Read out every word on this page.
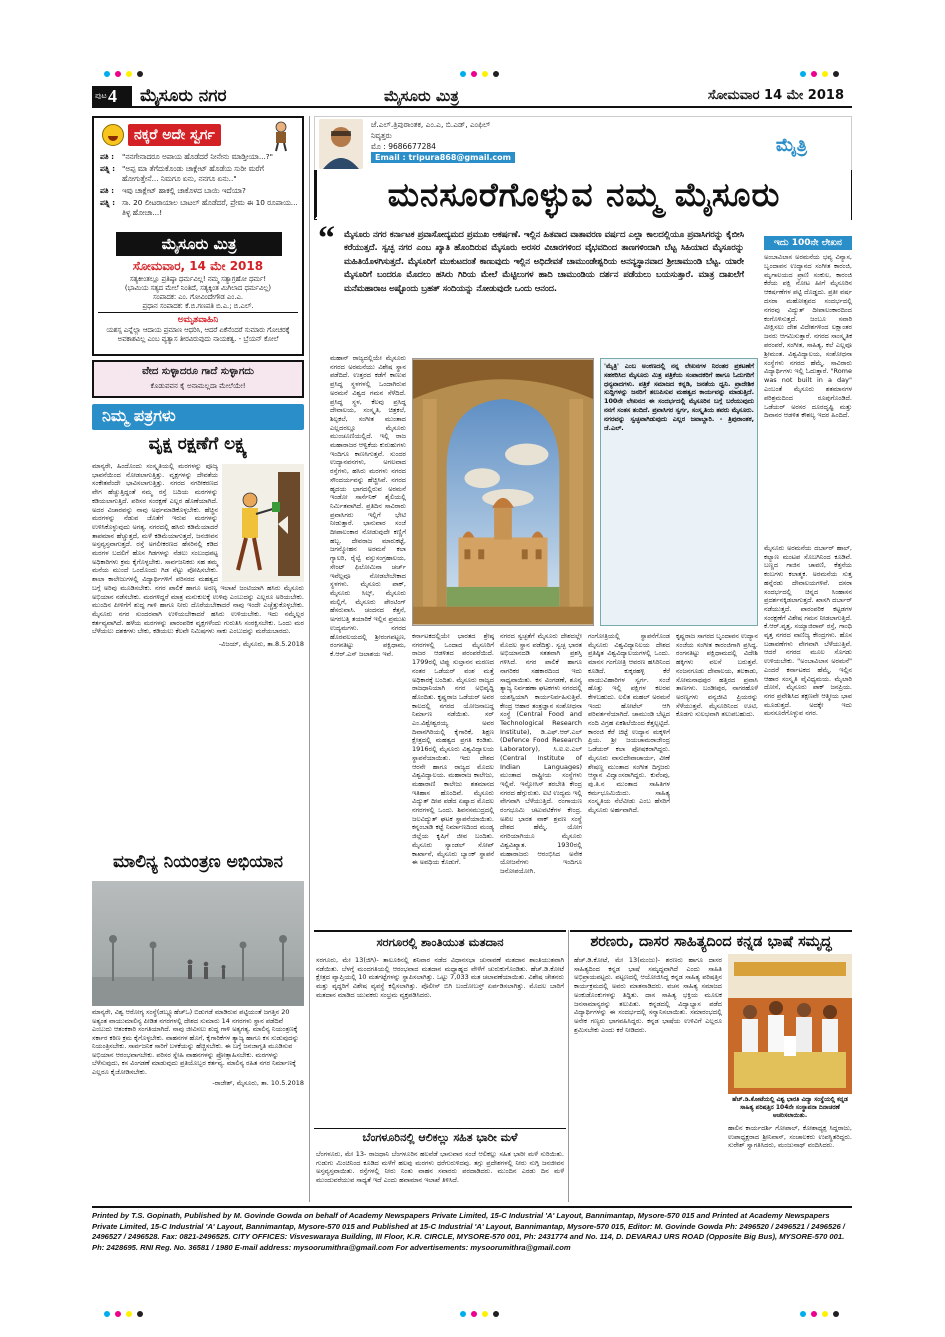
ಪುಟ 4 ಮೈಸೂರು ನಗರ	ಮೈಸೂರು ಮಿತ್ರ	ಸೋಮವಾರ 14 ಮೇ 2018
ನಕ್ಕರೆ ಅದೇ ಸ್ವರ್ಗ
ಪತಿ :	"ನನಗೇನಾದರೂ ಅಪಾಯ ಹೊಡೆದರೆ ನೀನೇನು ಮಾಡ್ತೀಯಾ...?"
ಪತ್ನಿ : "ಅಪ್ಪ ಮಾ ತೆಗೆದುಕೊಂಡು ಚಾಕ್ಲೇಟ್ ಹೊಡೆಯ ಸುರೀ ಮರೆಗೆ ಹೋಗುತ್ತೇನೆ... ನಿಮಗೂ ಏನು, ನನಗೂ ಏನು.."
ಪತಿ :	ಇವು ಚಾಕ್ಲೇಟ್ ಹಾಕಲ್ಲಿ ಚಾಕೊಳದ ಬಾಯಿ ಇದೆಯಾ?
ಪತ್ನಿ : ಸಾ. 20 ಲೀಟರಾಯಾಲ ಬಾಟಲ್ ಹೊಡೆದರೆ, ಪ್ರೇಮ ಈ 10 ರೂಪಾಯ... ತಿಳ್ಳ ಹೋಚಾ...!
ಮೈಸೂರು ಮಿತ್ರ
ಸೋಮವಾರ, 14 ಮೇ 2018
ಸತ್ಯಕೀಂತಲ್ಲೂ ಪ್ರತಿಷ್ಠಾ ಧರ್ಮವಿಲ್ಲ! ನಮ್ಮ ಸತ್ಯಾಗ್ರಹೋ ಧರ್ಮ!
(ಭಾಮಿಯ ಸತ್ಯದ ಮೇಲೆ ನಿಂತಿದೆ, ಸತ್ಯಕ್ಕಿಂತ ಮಿಗಿಲಾದ ಧರ್ಮವಿಲ್ಲ)
ಸಂಪಾದಕ: ಎಂ. ಗೋವಿಂದೇಗೌಡ ಎಂ.ಎ.
ಪ್ರಧಾನ ಸಂಪಾದಕ: ಕೆ.ಬಿ.ಗಣಪತಿ ಬಿ.ಎ.; ಬಿ.ಎಲ್.
ಅಮೃತವಾಹಿನಿ
ಯಶಸ್ಸ ಎನ್ನೆಲ್ಲಾ ಆದಾಯ ಪ್ರಮಾಣ ಆಧರಿಸಿ, ಆದರೆ ಏಕೆನೆಂದರೆ ಸುಮಾರು ಗೋಚರಕ್ಕೆ ಅವಕಾಶವಿಲ್ಲ ಎಂಬ ವ್ಯತ್ಯಾಸ ತೀರವಿರುವುದು ನಾಯಕತ್ವ. - ಬ್ರೆಯನ್ ಕೋಲೆ
ವೇದ ಸುಳ್ಳಾದರೂ ಗಾದೆ ಸುಳ್ಳಾಗದು
ಕೊಡುವವನ ಕೈ ಅನಾಮಲ್ಲದಾ ಮೇಲೆಯೇ!
ನಿಮ್ಮ ಪತ್ರಗಳು
ವೃಕ್ಷ ರಕ್ಷಣೆಗೆ ಲಕ್ಷ್ಯ
ಮಾನ್ಯರೇ, ಹಿಂದೊಂದು ಸಂಸ್ಕೃತಿಯಲ್ಲಿ ಮರಗಳನ್ನು ಪೂಜ್ಯ ಭಾವನೆಯಿಂದ ನೋಡಲಾಗುತ್ತಿತ್ತು. ವೃಕ್ಷಗಳನ್ನು ದೇವತೆಯ ಸಂಕೇತವೆಂದೇ ಭಾವಿಸಲಾಗುತ್ತಿತ್ತು. ನಗರದ ನಗರೀಕರಣದ ವೇಗ ಹೆಚ್ಚುತ್ತಿದ್ದಂತೆ ನಮ್ಮ ರಸ್ತೆ ಬದಿಯ ಮರಗಳನ್ನು ಕಡಿಯಲಾಗುತ್ತಿದೆ. ಪರಿಸರ ಸಂರಕ್ಷಣೆ ಎಲ್ಲರ ಹೊಣೆಯಾಗಿದೆ. ಅದರ ವಿಚಾರವನ್ನು ನಾವು ಅರ್ಥಮಾಡಿಕೊಳ್ಳಬೇಕು. ಹೆಚ್ಚಿನ ಮರಗಳನ್ನು ನೆಡುವ ಜೊತೆಗೆ ಇರುವ ಮರಗಳನ್ನು ಉಳಿಸಿಕೊಳ್ಳುವುದು ಅಗತ್ಯ. ನಗರದಲ್ಲಿ ಹಸಿರು ಕಡಿಮೆಯಾದರೆ ತಾಪಮಾನ ಹೆಚ್ಚುತ್ತದೆ, ಮಳೆ ಕಡಿಮೆಯಾಗುತ್ತದೆ, ಜನಜೀವನ ಅಸ್ತವ್ಯಸ್ತವಾಗುತ್ತದೆ. ರಸ್ತೆ ಅಗಲೀಕರಣದ ಹೆಸರಿನಲ್ಲಿ ಕಡಿದ ಮರಗಳ ಬದಲಿಗೆ ಹೊಸ ಗಿಡಗಳನ್ನು ನೆಡಲು ಸಂಬಂಧಪಟ್ಟ ಅಧಿಕಾರಿಗಳು ಕ್ರಮ ಕೈಗೊಳ್ಳಬೇಕು. ಸಾರ್ವಜನಿಕರು ಸಹ ತಮ್ಮ ಮನೆಯ ಮುಂದೆ ಒಂದೊಂದು ಗಿಡ ನೆಟ್ಟು ಪೋಷಿಸಬೇಕು. ಶಾಲಾ ಕಾಲೇಜುಗಳಲ್ಲಿ ವಿದ್ಯಾರ್ಥಿಗಳಿಗೆ ಪರಿಸರದ ಮಹತ್ವದ ಬಗ್ಗೆ ಅರಿವು ಮೂಡಿಸಬೇಕು. ನಗರ ಪಾಲಿಕೆ ಹಾಗೂ ಅರಣ್ಯ ಇಲಾಖೆ ಜಂಟಿಯಾಗಿ ಹಸಿರು ಮೈಸೂರು ಅಭಿಯಾನ ನಡೆಸಬೇಕು. ಮರಗಳಿದ್ದರೆ ಮಾತ್ರ ಮನುಕುಲಕ್ಕೆ ಉಳಿವು ಎಂಬುದನ್ನು ಎಲ್ಲರೂ ಅರಿಯಬೇಕು. ಮುಂದಿನ ಪೀಳಿಗೆಗೆ ಶುದ್ಧ ಗಾಳಿ ಹಾಗೂ ನೀರು ದೊರೆಯಬೇಕಾದರೆ ನಾವು ಇಂದೇ ಎಚ್ಚೆತ್ತುಕೊಳ್ಳಬೇಕು. ಮೈಸೂರು ನಗರ ಸುಂದರವಾಗಿ ಉಳಿಯಬೇಕಾದರೆ ಹಸಿರು ಉಳಿಯಬೇಕು. ಇದು ನಮ್ಮೆಲ್ಲರ ಕರ್ತವ್ಯವಾಗಿದೆ. ಹಳೆಯ ಮರಗಳನ್ನು ಪಾರಂಪರಿಕ ವೃಕ್ಷಗಳೆಂದು ಗುರುತಿಸಿ ಸಂರಕ್ಷಿಸಬೇಕು. ಒಂದು ಮರ ಬೆಳೆಯಲು ದಶಕಗಳು ಬೇಕು, ಕಡಿಯಲು ಕೆಲವೇ ನಿಮಿಷಗಳು ಸಾಕು ಎಂಬುದನ್ನು ಮರೆಯಬಾರದು.
-ವಿಜಯ್, ಮೈಸೂರು, ತಾ.8.5.2018
ಮಾಲಿನ್ಯ ನಿಯಂತ್ರಣ ಅಭಿಯಾನ
ಮಾನ್ಯರೇ, ವಿಶ್ವ ಆರೋಗ್ಯ ಸಂಸ್ಥೆ(ಡಬ್ಲ್ಯೂಹೆಚ್ಒ) ಬಿಡುಗಡೆ ಮಾಡಿರುವ ಪಟ್ಟಿಯಂತೆ ಜಗತ್ತಿನ 20 ಅತ್ಯಂತ ವಾಯುಮಾಲಿನ್ಯ ಪೀಡಿತ ನಗರಗಳಲ್ಲಿ ದೇಶದ ಸುಮಾರು 14 ನಗರಗಳು ಸ್ಥಾನ ಪಡೆದಿವೆ ಎಂಬುದು ಆತಂಕಕಾರಿ ಸಂಗತಿಯಾಗಿದೆ. ನಾವು ಜೀವಿಸಲು ಶುದ್ಧ ಗಾಳಿ ಅತ್ಯಗತ್ಯ. ಮಾಲಿನ್ಯ ನಿಯಂತ್ರಣಕ್ಕೆ ಸರ್ಕಾರ ಕಠಿಣ ಕ್ರಮ ಕೈಗೊಳ್ಳಬೇಕು. ವಾಹನಗಳ ಹೊಗೆ, ಕೈಗಾರಿಕೆಗಳ ತ್ಯಾಜ್ಯ ಹಾಗೂ ಕಸ ಸುಡುವುದನ್ನು ನಿಯಂತ್ರಿಸಬೇಕು. ಸಾರ್ವಜನಿಕ ಸಾರಿಗೆ ಬಳಕೆಯನ್ನು ಹೆಚ್ಚಿಸಬೇಕು. ಈ ಬಗ್ಗೆ ಜನಜಾಗೃತಿ ಮೂಡಿಸುವ ಅಭಿಯಾನ ಆರಂಭವಾಗಬೇಕು. ಪರಿಸರ ಸ್ನೇಹಿ ವಾಹನಗಳನ್ನು ಪ್ರೋತ್ಸಾಹಿಸಬೇಕು. ಮರಗಳನ್ನು ಬೆಳೆಸುವುದು, ಕಸ ವಿಂಗಡಣೆ ಮಾಡುವುದು ಪ್ರತಿಯೊಬ್ಬರ ಕರ್ತವ್ಯ. ಮಾಲಿನ್ಯ ರಹಿತ ನಗರ ನಿರ್ಮಾಣಕ್ಕೆ ಎಲ್ಲರೂ ಕೈಜೋಡಿಸಬೇಕು.
-ರಾಜೇಶ್, ಮೈಸೂರು, ತಾ. 10.5.2018
ಜೆ.ಎಲ್.ತ್ರಿಪುರಾಂತಕ, ಎಂ.ಎ, ಬಿ.ಎಡ್, ಎಂಫಿಲ್
ನಿವೃತ್ತರು
ಮೊ : 9686677284
Email : tripura868@gmail.com
ಮೈತ್ರಿ
ಮನಸೂರೆಗೊಳ್ಳುವ ನಮ್ಮ ಮೈಸೂರು
“ ಮೈಸೂರು ನಗರ ಕರ್ನಾಟಕ ಪ್ರವಾಸೋದ್ಯಮದ ಪ್ರಮುಖ ಆಕರ್ಷಣೆ. ಇಲ್ಲಿನ ಹಿತವಾದ ವಾತಾವರಣ ವರ್ಷದ ಎಲ್ಲಾ ಕಾಲದಲ್ಲಿಯೂ ಪ್ರವಾಸಿಗರನ್ನು ಕೈಬೀಸಿ ಕರೆಯುತ್ತದೆ. ಸ್ವಚ್ಛ ನಗರ ಎಂಬ ಖ್ಯಾತಿ ಹೊಂದಿರುವ ಮೈಸೂರು ಅರಸರ ವಿಚಾರಗಳಿಂದ ವೈಭವದಿಂದ ತಾಣಗಳಿಂದಾಗಿ ಬೆಟ್ಟ ಸಿಹಿಯಾದ ಮೈಸೂರನ್ನು ಮಹಿತಿಯೊಳಗಿಸುತ್ತದೆ. ಮೈಸೂರಿಗೆ ಮುಕುಟದಂತೆ ಕಾಣುವುದು ಇಲ್ಲಿನ ಅಧಿದೇವತೆ ಚಾಮುಂಡೇಶ್ವರಿಯ ಅನನ್ಯಸ್ಥಾನವಾದ ಶ್ರೀಚಾಮುಂಡಿ ಬೆಟ್ಟ. ಯಾರೇ ಮೈಸೂರಿಗೆ ಬಂದರೂ ಮೊದಲು ಹಸಿರು ಗಿರಿಯ ಮೇಲೆ ಮೆಟ್ಟಿಲುಗಳ ಹಾದಿ ಚಾಮುಂಡಿಯ ದರ್ಶನ ಪಡೆಯಲು ಬಯಸುತ್ತಾರೆ. ಮಾತ್ರ ದಾಖಲೆಗೆ ಮನೆಮಹಾರಾಜ ಅಷ್ಟೊಂದು ಬ್ರಹತ್ ಸಂದಿಯನ್ನು ನೋಡುವುದೇ ಒಂದು ಆನಂದ.
ಇದು 100ನೇ ಲೇಖನ
ಅಂಬಾವಿಲಾಸ ಅರಮನೆಯ ಭವ್ಯ ವಿನ್ಯಾಸ, ಬೃಂದಾವನ ಉದ್ಯಾನದ ಸಂಗೀತ ಕಾರಂಜಿ, ಮೃಗಾಲಯದ ಪ್ರಾಣಿ ಸಂಕುಲ, ಕಾರಂಜಿ ಕೆರೆಯ ಪಕ್ಷಿ ನೋಟ ಹೀಗೆ ಮೈಸೂರಿನ ಆಕರ್ಷಣೆಗಳ ಪಟ್ಟಿ ದೊಡ್ಡದು. ಪ್ರತೀ ವರ್ಷ ದಸರಾ ಮಹೋತ್ಸವದ ಸಂದರ್ಭದಲ್ಲಿ ನಗರವು ವಿದ್ಯುತ್ ದೀಪಾಲಂಕಾರದಿಂದ ಕಂಗೊಳಿಸುತ್ತದೆ. ಜಂಬೂ ಸವಾರಿ ವೀಕ್ಷಿಸಲು ದೇಶ ವಿದೇಶಗಳಿಂದ ಲಕ್ಷಾಂತರ ಜನರು ಆಗಮಿಸುತ್ತಾರೆ. ನಗರದ ಸಾಂಸ್ಕೃತಿಕ ಪರಂಪರೆ, ಸಂಗೀತ, ಸಾಹಿತ್ಯ, ಕಲೆ ಎಲ್ಲವೂ ಶ್ರೀಮಂತ. ವಿಶ್ವವಿದ್ಯಾಲಯ, ಸಂಶೋಧನಾ ಸಂಸ್ಥೆಗಳು ನಗರದ ಹೆಮ್ಮೆ. ಸಾವಿರಾರು ವಿದ್ಯಾರ್ಥಿಗಳು ಇಲ್ಲಿ ಓದುತ್ತಾರೆ. "Rome was not built in a day" ಎಂಬಂತೆ ಮೈಸೂರು ಶತಮಾನಗಳ ಪರಿಶ್ರಮದಿಂದ ರೂಪುಗೊಂಡಿದೆ. ಒಡೆಯರ್ ಅರಸರ ದೂರದೃಷ್ಟಿ ಮತ್ತು ದಿವಾನರ ಆಡಳಿತ ಕೌಶಲ್ಯ ಇದರ ಹಿಂದಿದೆ.
'ಮೈತ್ರಿ' ಎಂಬ ಅಂಕಣದಲ್ಲಿ ನನ್ನ ಲೇಖನಗಳ ನಿರಂತರ ಪ್ರಕಟಣೆಗೆ ಸಹಕರಿಸಿದ ಮೈಸೂರು ಮಿತ್ರ ಪತ್ರಿಕೆಯ ಸಂಪಾದಕರಿಗೆ ಹಾಗೂ ಓದುಗರಿಗೆ ಧನ್ಯವಾದಗಳು. ಪತ್ರಿಕೆ ಸಮಾಜದ ಕನ್ನಡಿ, ಜನತೆಯ ಧ್ವನಿ. ಪ್ರಾದೇಶಿಕ ಸುದ್ದಿಗಳನ್ನು ಜನರಿಗೆ ತಲುಪಿಸುವ ಮಹತ್ವದ ಕಾರ್ಯವನ್ನು ಮಾಡುತ್ತಿದೆ. 100ನೇ ಲೇಖನದ ಈ ಸಂದರ್ಭದಲ್ಲಿ ಮೈಸೂರಿನ ಬಗ್ಗೆ ಬರೆಯುವುದು ನನಗೆ ಸಂತಸ ತಂದಿದೆ. ಪ್ರವಾಸಿಗರ ಸ್ವರ್ಗ, ಸಂಸ್ಕೃತಿಯ ತವರು ಮೈಸೂರು. ನಗರವನ್ನು ಸ್ವಚ್ಛವಾಗಿಡುವುದು ಎಲ್ಲರ ಜವಾಬ್ದಾರಿ. - ತ್ರಿಪುರಾಂತಕ, ಜೆ.ಎಲ್.
ಮಹಾನ್ ರಾಜ್ಯದಲ್ಲಿಯೇ ಮೈಸೂರು ನಗರದ ಅರಮನೆಯು ವಿಶೇಷ ಸ್ಥಾನ ಪಡೆದಿದೆ. ಉತ್ತರದ ಕಡೆಗೆ ಕಾಣುವ ಪ್ರಸಿದ್ಧ ಸ್ಥಳಗಳಲ್ಲಿ ಒಂದಾಗಿರುವ ಅರಮನೆ ವಿಶ್ವದ ಗಮನ ಸೆಳೆದಿದೆ. ಪ್ರಸಿದ್ಧ ಸ್ಥಳ, ಕೆಲವು ಪ್ರಸಿದ್ಧ ದೇವಾಲಯ, ಸಂಸ್ಕೃತಿ, ಚಿತ್ರಕಲೆ, ಶಿಲ್ಪಕಲೆ, ಸಂಗೀತ ಮುಂತಾದ ಎಲ್ಲದರಲ್ಲೂ ಮೈಸೂರು ಮುಂಚೂಣಿಯಲ್ಲಿದೆ. ಇಲ್ಲಿ ರಾಜ ಮಹಾರಾಜರ ಆಳ್ವಿಕೆಯ ಕುರುಹುಗಳು ಇಂದಿಗೂ ಕಾಣಸಿಗುತ್ತವೆ. ಸುಂದರ ಉದ್ಯಾನವನಗಳು, ಅಗಲವಾದ ರಸ್ತೆಗಳು, ಹಸಿರು ಮರಗಳು ನಗರದ ಸೌಂದರ್ಯವನ್ನು ಹೆಚ್ಚಿಸಿವೆ. ನಗರದ ಹೃದಯ ಭಾಗದಲ್ಲಿರುವ ಅರಮನೆ ಇಂಡೋ ಸಾರ್ಸೆನಿಕ್ ಶೈಲಿಯಲ್ಲಿ ನಿರ್ಮಿತವಾಗಿದೆ. ಪ್ರತಿದಿನ ಸಾವಿರಾರು ಪ್ರವಾಸಿಗರು ಇಲ್ಲಿಗೆ ಭೇಟಿ ನೀಡುತ್ತಾರೆ. ಭಾನುವಾರ ಸಂಜೆ ದೀಪಾಲಂಕಾರ ನೋಡುವುದೇ ಕಣ್ಣಿಗೆ ಹಬ್ಬ. ದೇವರಾಜ ಮಾರುಕಟ್ಟೆ, ಜಗನ್ಮೋಹನ ಅರಮನೆ ಕಲಾ ಗ್ಯಾಲರಿ, ರೈಲ್ವೆ ವಸ್ತುಸಂಗ್ರಹಾಲಯ, ಸೇಂಟ್ ಫಿಲೋಮಿನಾ ಚರ್ಚ್ ಇವೆಲ್ಲವೂ ನೋಡಲೇಬೇಕಾದ ಸ್ಥಳಗಳು. ಮೈಸೂರು ಪಾಕ್, ಮೈಸೂರು ಸಿಲ್ಕ್, ಮೈಸೂರು ಮಲ್ಲಿಗೆ, ಮೈಸೂರು ಪೇಂಟಿಂಗ್ ಹೆಸರುವಾಸಿ. ಚಂದನದ ಕೆತ್ತನೆ, ಅಗರಬತ್ತಿ ತಯಾರಿಕೆ ಇಲ್ಲಿನ ಪ್ರಮುಖ ಉದ್ಯಮಗಳು. ನಗರದ ಹೊರವಲಯದಲ್ಲಿ ಶ್ರೀರಂಗಪಟ್ಟಣ, ರಂಗನತಿಟ್ಟು ಪಕ್ಷಿಧಾಮ, ಕೆ.ಆರ್.ಎಸ್ ಜಲಾಶಯ ಇವೆ.
ಮೈಸೂರು ಅರಮನೆಯ ದರ್ಬಾರ್ ಹಾಲ್, ಕಲ್ಯಾಣ ಮಂಟಪ ಸೊಬಗಿನಿಂದ ಕೂಡಿವೆ. ಬಣ್ಣದ ಗಾಜಿನ ಚಾವಣಿ, ಕೆತ್ತನೆಯ ಕಂಬಗಳು ಕಲಾತ್ಮಕ. ಅರಮನೆಯ ಸುತ್ತ ಹನ್ನೆರಡು ದೇವಾಲಯಗಳಿವೆ. ದಸರಾ ಸಂದರ್ಭದಲ್ಲಿ ಚಿನ್ನದ ಸಿಂಹಾಸನ ಪ್ರದರ್ಶನಕ್ಕಿಡಲಾಗುತ್ತದೆ. ಖಾಸಗಿ ದರ್ಬಾರ್ ನಡೆಯುತ್ತದೆ. ಪಾರಂಪರಿಕ ಕಟ್ಟಡಗಳ ಸಂರಕ್ಷಣೆಗೆ ವಿಶೇಷ ಗಮನ ನೀಡಲಾಗುತ್ತಿದೆ. ಕೆ.ಆರ್.ವೃತ್ತ, ಸಯ್ಯಾಜಿರಾವ್ ರಸ್ತೆ, ಗಾಂಧಿ ವೃತ್ತ ನಗರದ ವಾಣಿಜ್ಯ ಕೇಂದ್ರಗಳು. ಹೊಸ ಬಡಾವಣೆಗಳು ವೇಗವಾಗಿ ಬೆಳೆಯುತ್ತಿವೆ. ಆದರೆ ನಗರದ ಮೂಲ ಸೊಗಡು ಉಳಿಯಬೇಕು. "ಅಂಬಾವಿಲಾಸ ಅರಮನೆ" ಎಂದರೆ ಕರ್ನಾಟಕದ ಹೆಮ್ಮೆ. ಇಲ್ಲಿನ ಆಹಾರ ಸಂಸ್ಕೃತಿ ವೈವಿಧ್ಯಮಯ. ಮೈಲಾರಿ ದೋಸೆ, ಮೈಸೂರು ಪಾಕ್ ಜನಪ್ರಿಯ. ನಗರ ಪ್ರವೇಶಿಸಿದ ತಕ್ಷಣವೇ ಆತ್ಮೀಯ ಭಾವ ಮೂಡುತ್ತದೆ. ಅದಕ್ಕೇ ಇದು ಮನಸೂರೆಗೊಳ್ಳುವ ನಗರ.
ಕರ್ನಾಟಕದಲ್ಲಿಯೇ ಭಾರತದ ಶ್ರೇಷ್ಠ ನಗರಗಳಲ್ಲಿ ಒಂದಾದ ಮೈಸೂರಿಗೆ ರಾಜರ ಆಡಳಿತದ ಪರಂಪರೆಯಿದೆ. 1799ರಲ್ಲಿ ಟಿಪ್ಪು ಸುಲ್ತಾನನ ಮರಣದ ನಂತರ ಒಡೆಯರ್ ವಂಶ ಮತ್ತೆ ಅಧಿಕಾರಕ್ಕೆ ಬಂದಿತು. ಮೈಸೂರು ರಾಜ್ಯದ ರಾಜಧಾನಿಯಾಗಿ ನಗರ ಅಭಿವೃದ್ಧಿ ಹೊಂದಿತು. ಕೃಷ್ಣರಾಜ ಒಡೆಯರ್ ಅವರ ಕಾಲದಲ್ಲಿ ನಗರದ ಯೋಜನಾಬದ್ಧ ನಿರ್ಮಾಣ ನಡೆಯಿತು. ಸರ್ ಎಂ.ವಿಶ್ವೇಶ್ವರಯ್ಯ ಅವರ ದಿವಾನಗಿರಿಯಲ್ಲಿ ಕೈಗಾರಿಕೆ, ಶಿಕ್ಷಣ ಕ್ಷೇತ್ರದಲ್ಲಿ ಮಹತ್ವದ ಪ್ರಗತಿ ಕಂಡಿತು. 1916ರಲ್ಲಿ ಮೈಸೂರು ವಿಶ್ವವಿದ್ಯಾಲಯ ಸ್ಥಾಪನೆಯಾಯಿತು. ಇದು ದೇಶದ ಆರನೇ ಹಾಗೂ ರಾಜ್ಯದ ಮೊದಲ ವಿಶ್ವವಿದ್ಯಾಲಯ. ಮಹಾರಾಜ ಕಾಲೇಜು, ಮಹಾರಾಣಿ ಕಾಲೇಜು ಶತಮಾನದ ಇತಿಹಾಸ ಹೊಂದಿವೆ. ಮೈಸೂರು ವಿದ್ಯುತ್ ದೀಪ ಪಡೆದ ಏಷ್ಯಾದ ಮೊದಲ ನಗರಗಳಲ್ಲಿ ಒಂದು. ಶಿವನಸಮುದ್ರದಲ್ಲಿ ಜಲವಿದ್ಯುತ್ ಘಟಕ ಸ್ಥಾಪನೆಯಾಯಿತು. ಕನ್ನಂಬಾಡಿ ಕಟ್ಟೆ ನಿರ್ಮಾಣದಿಂದ ಮಂಡ್ಯ ಜಿಲ್ಲೆಯ ಕೃಷಿಗೆ ಜೀವ ಬಂದಿತು. ಮೈಸೂರು ಸ್ಯಾಂಡಲ್ ಸೋಪ್ ಕಾರ್ಖಾನೆ, ಮೈಸೂರು ಬ್ಯಾಂಕ್ ಸ್ಥಾಪನೆ ಈ ಅವಧಿಯ ಕೊಡುಗೆ.
ನಗರದ ಸ್ವಚ್ಛತೆಗೆ ಮೈಸೂರು ದೇಶದಲ್ಲೇ ಮೊದಲ ಸ್ಥಾನ ಪಡೆದಿತ್ತು. ಸ್ವಚ್ಛ ಭಾರತ ಅಭಿಯಾನದಡಿ ಸತತವಾಗಿ ಪ್ರಶಸ್ತಿ ಗಳಿಸಿದೆ. ನಗರ ಪಾಲಿಕೆ ಹಾಗೂ ನಾಗರಿಕರ ಸಹಕಾರದಿಂದ ಇದು ಸಾಧ್ಯವಾಯಿತು. ಕಸ ವಿಂಗಡಣೆ, ಶೂನ್ಯ ತ್ಯಾಜ್ಯ ನಿರ್ವಹಣಾ ಘಟಕಗಳು ನಗರದಲ್ಲಿ ಯಶಸ್ವಿಯಾಗಿ ಕಾರ್ಯನಿರ್ವಹಿಸುತ್ತಿವೆ. ಕೇಂದ್ರ ಆಹಾರ ತಂತ್ರಜ್ಞಾನ ಸಂಶೋಧನಾ ಸಂಸ್ಥೆ (Central Food and Technological Research Institute), ಡಿ.ಎಫ್.ಆರ್.ಎಲ್ (Defence Food Research Laboratory), ಸಿ.ಐ.ಐ.ಎಲ್ (Central Institute of Indian Languages) ಮುಂತಾದ ರಾಷ್ಟ್ರೀಯ ಸಂಸ್ಥೆಗಳು ಇಲ್ಲಿವೆ. ಇನ್ಫೋಸಿಸ್ ತರಬೇತಿ ಕೇಂದ್ರ ನಗರದ ಹೆಗ್ಗುರುತು. ಐಟಿ ಉದ್ಯಮ ಇಲ್ಲಿ ವೇಗವಾಗಿ ಬೆಳೆಯುತ್ತಿದೆ. ರಂಗಾಯಣ ರಂಗಭೂಮಿ ಚಟುವಟಿಕೆಗಳ ಕೇಂದ್ರ. ಅಖಿಲ ಭಾರತ ವಾಕ್ ಶ್ರವಣ ಸಂಸ್ಥೆ ದೇಶದ ಹೆಮ್ಮೆ. ಯೋಗ ನಗರಿಯಾಗಿಯೂ ಮೈಸೂರು ವಿಶ್ವವಿಖ್ಯಾತ. 1930ರಲ್ಲಿ ಮಹಾರಾಜರು ಆರಂಭಿಸಿದ ಅನೇಕ ಯೋಜನೆಗಳು ಇಂದಿಗೂ ಜನೋಪಯೋಗಿ.
ಗಂಗೋತ್ರಿಯಲ್ಲಿ ಸ್ಥಾಪನೆಗೊಂಡ ಮೈಸೂರು ವಿಶ್ವವಿದ್ಯಾನಿಲಯ ದೇಶದ ಪ್ರತಿಷ್ಠಿತ ವಿಶ್ವವಿದ್ಯಾಲಯಗಳಲ್ಲಿ ಒಂದು. ಮಾನಸ ಗಂಗೋತ್ರಿ ಆವರಣ ಹಸಿರಿನಿಂದ ಕೂಡಿದೆ. ಕುಕ್ಕರಹಳ್ಳಿ ಕೆರೆ ವಾಯುವಿಹಾರಿಗಳ ಸ್ವರ್ಗ. ಸಂಜೆ ಹೊತ್ತು ಇಲ್ಲಿ ಪಕ್ಷಿಗಳ ಕಲರವ ಕೇಳಬಹುದು. ಲಲಿತ ಮಹಲ್ ಅರಮನೆ ಇಂದು ಹೋಟೆಲ್ ಆಗಿ ಪರಿವರ್ತನೆಯಾಗಿದೆ. ಚಾಮುಂಡಿ ಬೆಟ್ಟದ ನಂದಿ ವಿಗ್ರಹ ಏಕಶಿಲೆಯಿಂದ ಕೆತ್ತಲ್ಪಟ್ಟಿದೆ. ಕಾರಂಜಿ ಕೆರೆ ಚಿಟ್ಟೆ ಉದ್ಯಾನ ಮಕ್ಕಳಿಗೆ ಪ್ರಿಯ. ಶ್ರೀ ಜಯಚಾಮರಾಜೇಂದ್ರ ಒಡೆಯರ್ ಕಲಾ ಪೋಷಕರಾಗಿದ್ದರು. ಮೈಸೂರು ವಾಸುದೇವಾಚಾರ್ಯ, ವೀಣೆ ಶೇಷಣ್ಣ ಮುಂತಾದ ಸಂಗೀತ ದಿಗ್ಗಜರು ಆಸ್ಥಾನ ವಿದ್ವಾಂಸರಾಗಿದ್ದರು. ಕುವೆಂಪು, ಪು.ತಿ.ನ ಮುಂತಾದ ಸಾಹಿತಿಗಳ ಕರ್ಮಭೂಮಿಯಿದು. ಸಾಹಿತ್ಯ ಸಂಸ್ಕೃತಿಯ ನೆಲೆವೀಡು ಎಂಬ ಹೆಸರಿಗೆ ಮೈಸೂರು ಅರ್ಹವಾಗಿದೆ.
ಕೃಷ್ಣರಾಜ ಸಾಗರದ ಬೃಂದಾವನ ಉದ್ಯಾನ ಸಂಜೆಯ ಸಂಗೀತ ಕಾರಂಜಿಗಾಗಿ ಪ್ರಸಿದ್ಧ. ರಂಗನತಿಟ್ಟು ಪಕ್ಷಿಧಾಮದಲ್ಲಿ ವಿದೇಶಿ ಹಕ್ಕಿಗಳು ವಲಸೆ ಬರುತ್ತವೆ. ನಂಜನಗೂಡು ದೇವಾಲಯ, ತಲಕಾಡು, ಸೋಮನಾಥಪುರ ಹತ್ತಿರದ ಪ್ರವಾಸಿ ತಾಣಗಳು. ಬಂಡೀಪುರ, ನಾಗರಹೊಳೆ ಅರಣ್ಯಗಳು ವನ್ಯಜೀವಿ ಪ್ರಿಯರನ್ನು ಸೆಳೆಯುತ್ತವೆ. ಮೈಸೂರಿನಿಂದ ಊಟಿ, ಕೊಡಗು ಸುಲಭವಾಗಿ ತಲುಪಬಹುದು.
ಸರಗೂರಲ್ಲಿ ಶಾಂತಿಯುತ ಮತದಾನ
ಸರಗೂರು, ಮೇ 13(ಜಿಗಿ)- ತಾಲೂಕಿನಲ್ಲಿ ಶನಿವಾರ ನಡೆದ ವಿಧಾನಸಭಾ ಚುನಾವಣೆ ಮತದಾನ ಶಾಂತಿಯುತವಾಗಿ ನಡೆಯಿತು. ಬೆಳಗ್ಗೆ ಮಂದಗತಿಯಲ್ಲಿ ಆರಂಭವಾದ ಮತದಾನ ಮಧ್ಯಾಹ್ನದ ವೇಳೆಗೆ ಚುರುಕುಗೊಂಡಿತು. ಹೆಚ್.ಡಿ.ಕೋಟೆ ಕ್ಷೇತ್ರದ ವ್ಯಾಪ್ತಿಯಲ್ಲಿ 10 ಮತಗಟ್ಟೆಗಳನ್ನು ಸ್ಥಾಪಿಸಲಾಗಿತ್ತು. ಒಟ್ಟು 7,033 ಮತ ಚಲಾವಣೆಯಾಯಿತು. ವಿಶೇಷ ಚೇತನರು ಮತ್ತು ವೃದ್ಧರಿಗೆ ವಿಶೇಷ ವ್ಯವಸ್ಥೆ ಕಲ್ಪಿಸಲಾಗಿತ್ತು. ಪೊಲೀಸ್ ಬಿಗಿ ಬಂದೋಬಸ್ತ್ ಏರ್ಪಡಿಸಲಾಗಿತ್ತು. ಮೊದಲ ಬಾರಿಗೆ ಮತದಾನ ಮಾಡಿದ ಯುವಕರು ಸಂಭ್ರಮ ವ್ಯಕ್ತಪಡಿಸಿದರು.
ಬೆಂಗಳೂರಿನಲ್ಲಿ ಆಲಿಕಲ್ಲು ಸಹಿತ ಭಾರೀ ಮಳೆ
ಬೆಂಗಳೂರು, ಮೇ 13- ರಾಜಧಾನಿ ಬೆಂಗಳೂರಿನ ಹಲವೆಡೆ ಭಾನುವಾರ ಸಂಜೆ ಆಲಿಕಲ್ಲು ಸಹಿತ ಭಾರೀ ಮಳೆ ಸುರಿಯಿತು. ಗುಡುಗು ಮಿಂಚಿನಿಂದ ಕೂಡಿದ ಮಳೆಗೆ ಹಲವು ಮರಗಳು ಧರೆಗುರುಳಿದವು. ತಗ್ಗು ಪ್ರದೇಶಗಳಲ್ಲಿ ನೀರು ನುಗ್ಗಿ ಜನಜೀವನ ಅಸ್ತವ್ಯಸ್ತವಾಯಿತು. ರಸ್ತೆಗಳಲ್ಲಿ ನೀರು ನಿಂತು ವಾಹನ ಸವಾರರು ಪರದಾಡಿದರು. ಮುಂದಿನ ಎರಡು ದಿನ ಮಳೆ ಮುಂದುವರೆಯುವ ಸಾಧ್ಯತೆ ಇದೆ ಎಂದು ಹವಾಮಾನ ಇಲಾಖೆ ತಿಳಿಸಿದೆ.
ಶರಣರು, ದಾಸರ ಸಾಹಿತ್ಯದಿಂದ ಕನ್ನಡ ಭಾಷೆ ಸಮೃದ್ಧ
ಹೆಚ್.ಡಿ.ಕೋಟೆ, ಮೇ 13(ಮಂಜು)- ಶರಣರು ಹಾಗೂ ದಾಸರ ಸಾಹಿತ್ಯದಿಂದ ಕನ್ನಡ ಭಾಷೆ ಸಮೃದ್ಧವಾಗಿದೆ ಎಂದು ಸಾಹಿತಿ ಅಭಿಪ್ರಾಯಪಟ್ಟರು. ಪಟ್ಟಣದಲ್ಲಿ ಆಯೋಜಿಸಿದ್ದ ಕನ್ನಡ ಸಾಹಿತ್ಯ ಪರಿಷತ್ತಿನ ಕಾರ್ಯಕ್ರಮದಲ್ಲಿ ಅವರು ಮಾತನಾಡಿದರು. ವಚನ ಸಾಹಿತ್ಯ ಸಮಾಜದ ಅಂಕುಡೊಂಕುಗಳನ್ನು ತಿದ್ದಿತು. ದಾಸ ಸಾಹಿತ್ಯ ಭಕ್ತಿಯ ಮೂಲಕ ಜನಸಾಮಾನ್ಯರನ್ನು ತಲುಪಿತು. ಕನ್ನಡದಲ್ಲಿ ವಿದ್ಯಾಭ್ಯಾಸ ಪಡೆದ ವಿದ್ಯಾರ್ಥಿಗಳನ್ನು ಈ ಸಂದರ್ಭದಲ್ಲಿ ಸನ್ಮಾನಿಸಲಾಯಿತು. ಸಮಾರಂಭದಲ್ಲಿ ಅನೇಕ ಗಣ್ಯರು ಭಾಗವಹಿಸಿದ್ದರು. ಕನ್ನಡ ಭಾಷೆಯ ಉಳಿವಿಗೆ ಎಲ್ಲರೂ ಶ್ರಮಿಸಬೇಕು ಎಂದು ಕರೆ ನೀಡಿದರು.
ಹಾಲಿನ ಕಾರ್ಯದರ್ಶಿ ಗೋಪಾಲ್, ಕೋಶಾಧ್ಯಕ್ಷ ಸಿದ್ದರಾಜು, ಉಪಾಧ್ಯಕ್ಷರಾದ ಶ್ರೀನಿವಾಸ್, ಸಂಚಾಲಕರು ಉಪಸ್ಥಿತರಿದ್ದರು. ಸುರೇಶ್ ಸ್ವಾಗತಿಸಿದರು, ಮಂಜುನಾಥ್ ವಂದಿಸಿದರು.
ಹೆಚ್.ಡಿ.ಕೋಟೆಯಲ್ಲಿ ವಿಶ್ವ ಭಾರತಿ ವಿದ್ಯಾ ಸಂಸ್ಥೆಯಲ್ಲಿ ಕನ್ನಡ ಸಾಹಿತ್ಯ ಪರಿಷತ್ತಿನ 104ನೇ ಸಂಸ್ಥಾಪನಾ ದಿನಾಚರಣೆ ಆಚರಿಸಲಾಯಿತು.
Printed by T.S. Gopinath, Published by M. Govinde Gowda on behalf of Academy Newspapers Private Limited, 15-C Industrial 'A' Layout, Bannimantap, Mysore-570 015 and Printed at Academy Newspapers Private Limited, 15-C Industrial 'A' Layout, Bannimantap, Mysore-570 015 and Published at 15-C Industrial 'A' Layout, Bannimantap, Mysore-570 015, Editor: M. Govinde Gowda Ph: 2496520 / 2496521 / 2496526 / 2496527 / 2496528. Fax: 0821-2496525. CITY OFFICES: Visveswaraya Building, III Floor, K.R. CIRCLE, MYSORE-570 001, Ph: 2431774 and No. 114, D. DEVARAJ URS ROAD (Opposite Big Bus), MYSORE-570 001. Ph: 2428695. RNI Reg. No. 36581 / 1980 E-mail address: mysoorumithra@gmail.com For advertisements: mysoorumithra@gmail.com
